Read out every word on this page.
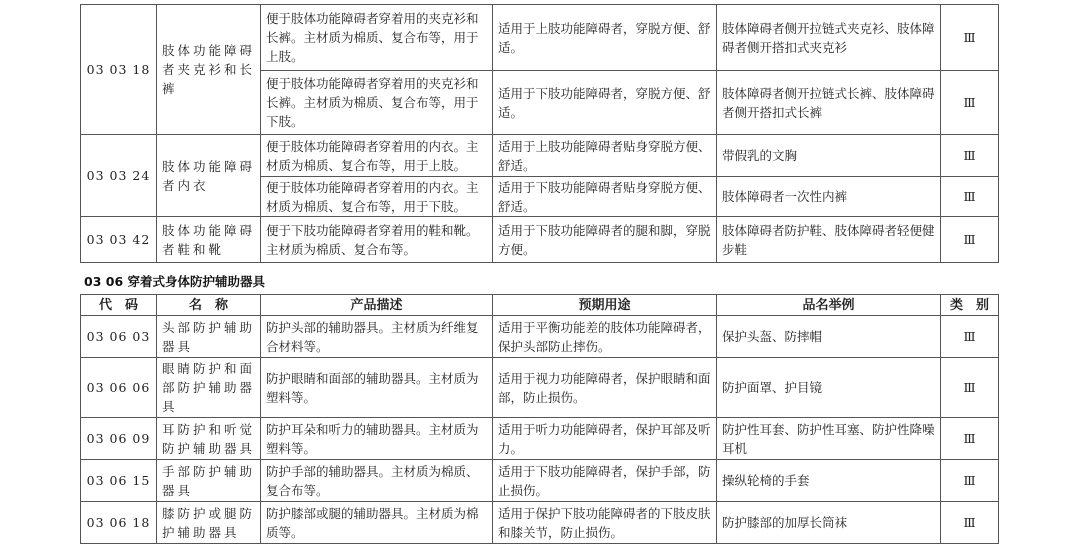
03 03 18	肢体功能障碍者夹克衫和长裤	便于肢体功能障碍者穿着用的夹克衫和长裤。主材质为棉质、复合布等，用于上肢。	适用于上肢功能障碍者，穿脱方便、舒适。	肢体障碍者侧开拉链式夹克衫、肢体障碍者侧开搭扣式夹克衫	Ⅲ
		便于肢体功能障碍者穿着用的夹克衫和长裤。主材质为棉质、复合布等，用于下肢。	适用于下肢功能障碍者，穿脱方便、舒适。	肢体障碍者侧开拉链式长裤、肢体障碍者侧开搭扣式长裤	Ⅲ
03 03 24	肢体功能障碍者内衣	便于肢体功能障碍者穿着用的内衣。主材质为棉质、复合布等，用于上肢。	适用于上肢功能障碍者贴身穿脱方便、舒适。	带假乳的文胸	Ⅲ
		便于肢体功能障碍者穿着用的内衣。主材质为棉质、复合布等，用于下肢。	适用于下肢功能障碍者贴身穿脱方便、舒适。	肢体障碍者一次性内裤	Ⅲ
03 03 42	肢体功能障碍者鞋和靴	便于下肢功能障碍者穿着用的鞋和靴。主材质为棉质、复合布等。	适用于下肢功能障碍者的腿和脚，穿脱方便。	肢体障碍者防护鞋、肢体障碍者轻便健步鞋	Ⅲ
03 06 穿着式身体防护辅助器具
代　码	名　称	产品描述	预期用途	品名举例	类　别
03 06 03	头部防护辅助器具	防护头部的辅助器具。主材质为纤维复合材料等。	适用于平衡功能差的肢体功能障碍者，保护头部防止摔伤。	保护头盔、防摔帽	Ⅲ
03 06 06	眼睛防护和面部防护辅助器具	防护眼睛和面部的辅助器具。主材质为塑料等。	适用于视力功能障碍者，保护眼睛和面部，防止损伤。	防护面罩、护目镜	Ⅲ
03 06 09	耳防护和听觉防护辅助器具	防护耳朵和听力的辅助器具。主材质为塑料等。	适用于听力功能障碍者，保护耳部及听力。	防护性耳套、防护性耳塞、防护性降噪耳机	Ⅲ
03 06 15	手部防护辅助器具	防护手部的辅助器具。主材质为棉质、复合布等。	适用于下肢功能障碍者，保护手部，防止损伤。	操纵轮椅的手套	Ⅲ
03 06 18	膝防护或腿防护辅助器具	防护膝部或腿的辅助器具。主材质为棉质等。	适用于保护下肢功能障碍者的下肢皮肤和膝关节，防止损伤。	防护膝部的加厚长筒袜	Ⅲ
